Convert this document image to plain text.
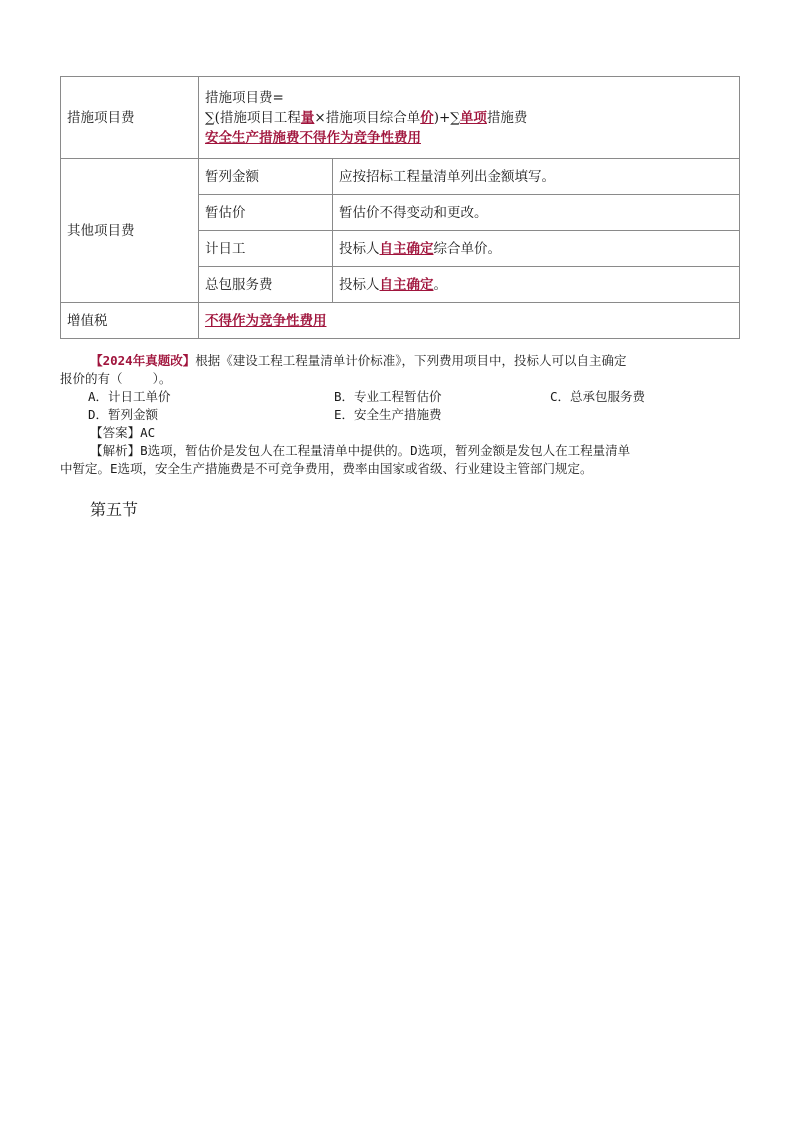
措施项目费	措施项目费=
∑(措施项目工程量×措施项目综合单价)+∑单项措施费
安全生产措施费不得作为竞争性费用	

其他项目费	暂列金额	应按招标工程量清单列出金额填写。
	暂估价	暂估价不得变动和更改。
	计日工	投标人自主确定综合单价。
	总包服务费	投标人自主确定。
增值税	不得作为竞争性费用	
【2024年真题改】根据《建设工程工程量清单计价标准》，下列费用项目中，投标人可以自主确定
报价的有（    ）。
A．计日工单价	B．专业工程暂估价	C．总承包服务费
D．暂列金额	E．安全生产措施费
【答案】AC
【解析】B选项，暂估价是发包人在工程量清单中提供的。D选项，暂列金额是发包人在工程量清单
中暂定。E选项，安全生产措施费是不可竞争费用，费率由国家或省级、行业建设主管部门规定。
第五节
